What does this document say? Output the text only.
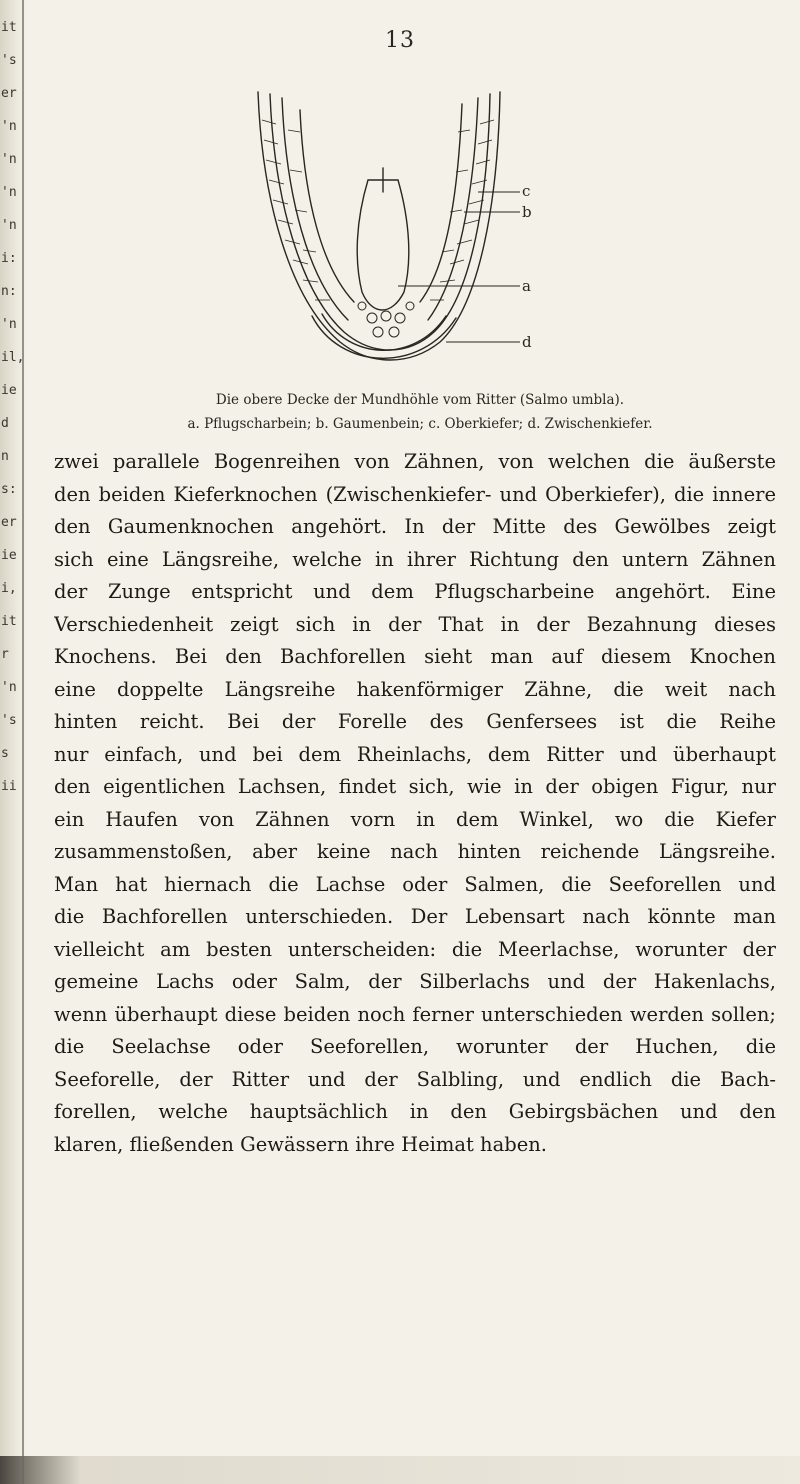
it
's
er
'n
'n
'n
'n
i:
n:
'n
il,
ie
d
n
s:
er
ie
i,
it
r
'n
's
s
ii
13
c
b
a
d
Die obere Decke der Mundhöhle vom Ritter (Salmo umbla).
a. Pflugscharbein; b. Gaumenbein; c. Oberkiefer; d. Zwischenkiefer.
zwei parallele Bogenreihen von Zähnen, von welchen die äußerste
den beiden Kieferknochen (Zwischenkiefer- und Oberkiefer), die innere
den Gaumenknochen angehört. In der Mitte des Gewölbes zeigt
sich eine Längsreihe, welche in ihrer Richtung den untern Zähnen
der Zunge entspricht und dem Pflugscharbeine angehört. Eine
Verschiedenheit zeigt sich in der That in der Bezahnung dieses
Knochens. Bei den Bachforellen sieht man auf diesem Knochen
eine doppelte Längsreihe hakenförmiger Zähne, die weit nach
hinten reicht. Bei der Forelle des Genfersees ist die Reihe
nur einfach, und bei dem Rheinlachs, dem Ritter und überhaupt
den eigentlichen Lachsen, findet sich, wie in der obigen Figur, nur
ein Haufen von Zähnen vorn in dem Winkel, wo die Kiefer
zusammenstoßen, aber keine nach hinten reichende Längsreihe.
Man hat hiernach die Lachse oder Salmen, die Seeforellen und
die Bachforellen unterschieden. Der Lebensart nach könnte man
vielleicht am besten unterscheiden: die Meerlachse, worunter der
gemeine Lachs oder Salm, der Silberlachs und der Hakenlachs,
wenn überhaupt diese beiden noch ferner unterschieden werden sollen;
die Seelachse oder Seeforellen, worunter der Huchen, die
Seeforelle, der Ritter und der Salbling, und endlich die Bach-
forellen, welche hauptsächlich in den Gebirgsbächen und den
klaren, fließenden Gewässern ihre Heimat haben.
